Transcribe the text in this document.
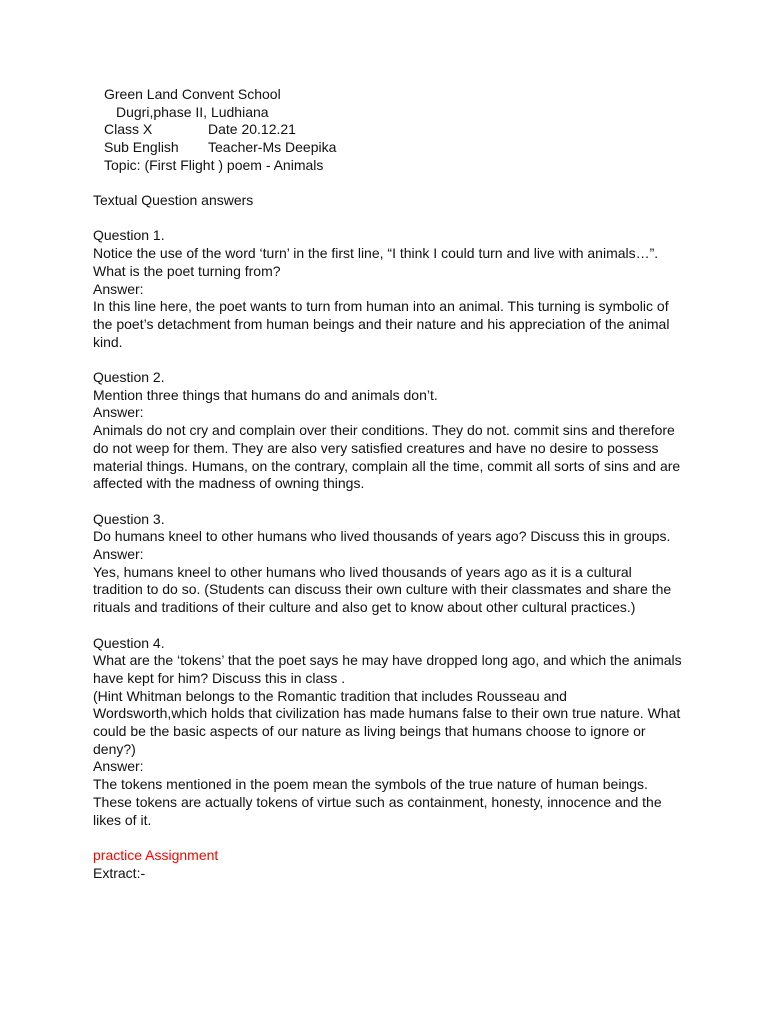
Green Land Convent School
Dugri,phase II, Ludhiana
Class X	Date 20.12.21
Sub English	Teacher-Ms Deepika
Topic: (First Flight ) poem - Animals

Textual Question answers

Question 1.

Notice the use of the word ‘turn’ in the first line, “I think I could turn and live with animals…”. What is the poet turning from?

Answer:

In this line here, the poet wants to turn from human into an animal. This turning is symbolic of the poet’s detachment from human beings and their nature and his appreciation of the animal kind.

Question 2.

Mention three things that humans do and animals don’t.

Answer:

Animals do not cry and complain over their conditions. They do not. commit sins and therefore do not weep for them. They are also very satisfied creatures and have no desire to possess material things. Humans, on the contrary, complain all the time, commit all sorts of sins and are affected with the madness of owning things.

Question 3.

Do humans kneel to other humans who lived thousands of years ago? Discuss this in groups.

Answer:

Yes, humans kneel to other humans who lived thousands of years ago as it is a cultural tradition to do so. (Students can discuss their own culture with their classmates and share the rituals and traditions of their culture and also get to know about other cultural practices.)

Question 4.

What are the ‘tokens’ that the poet says he may have dropped long ago, and which the animals have kept for him? Discuss this in class .

(Hint Whitman belongs to the Romantic tradition that includes Rousseau and Wordsworth,which holds that civilization has made humans false to their own true nature. What could be the basic aspects of our nature as living beings that humans choose to ignore or deny?)

Answer:

The tokens mentioned in the poem mean the symbols of the true nature of human beings. These tokens are actually tokens of virtue such as containment, honesty, innocence and the likes of it.

practice Assignment

Extract:-
